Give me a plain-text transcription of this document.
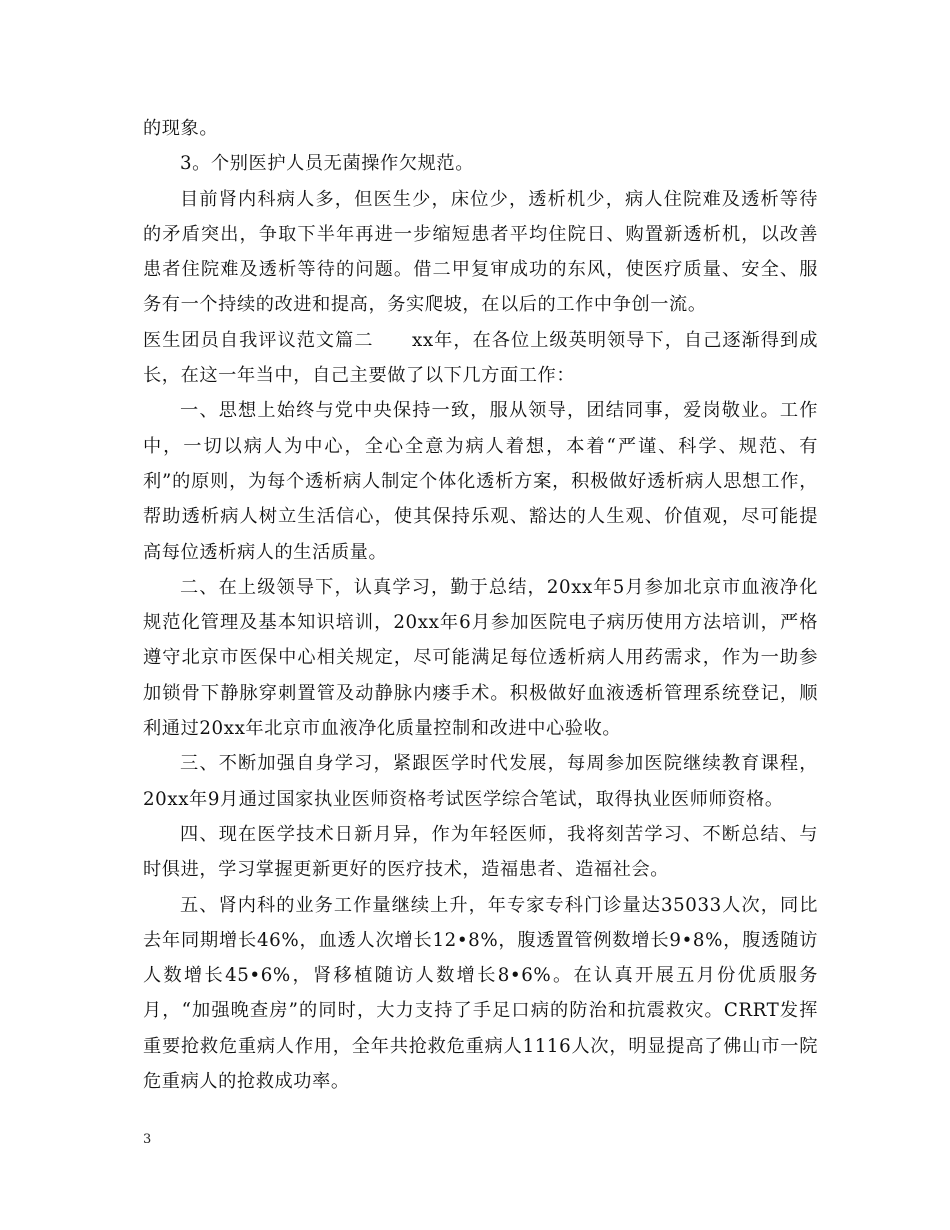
的现象。

3。个别医护人员无菌操作欠规范。

目前肾内科病人多，但医生少，床位少，透析机少，病人住院难及透析等待的矛盾突出，争取下半年再进一步缩短患者平均住院日、购置新透析机，以改善患者住院难及透析等待的问题。借二甲复审成功的东风，使医疗质量、安全、服务有一个持续的改进和提高，务实爬坡，在以后的工作中争创一流。

医生团员自我评议范文篇二　　xx年，在各位上级英明领导下，自己逐渐得到成长，在这一年当中，自己主要做了以下几方面工作：

一、思想上始终与党中央保持一致，服从领导，团结同事，爱岗敬业。工作中，一切以病人为中心，全心全意为病人着想，本着“严谨、科学、规范、有利”的原则，为每个透析病人制定个体化透析方案，积极做好透析病人思想工作，帮助透析病人树立生活信心，使其保持乐观、豁达的人生观、价值观，尽可能提高每位透析病人的生活质量。

二、在上级领导下，认真学习，勤于总结，20xx年5月参加北京市血液净化规范化管理及基本知识培训，20xx年6月参加医院电子病历使用方法培训，严格遵守北京市医保中心相关规定，尽可能满足每位透析病人用药需求，作为一助参加锁骨下静脉穿刺置管及动静脉内瘘手术。积极做好血液透析管理系统登记，顺利通过20xx年北京市血液净化质量控制和改进中心验收。

三、不断加强自身学习，紧跟医学时代发展，每周参加医院继续教育课程，20xx年9月通过国家执业医师资格考试医学综合笔试，取得执业医师师资格。

四、现在医学技术日新月异，作为年轻医师，我将刻苦学习、不断总结、与时俱进，学习掌握更新更好的医疗技术，造福患者、造福社会。

五、肾内科的业务工作量继续上升，年专家专科门诊量达35033人次，同比去年同期增长46%，血透人次增长12•8%，腹透置管例数增长9•8%，腹透随访人数增长45•6%，肾移植随访人数增长8•6%。在认真开展五月份优质服务月，“加强晚查房”的同时，大力支持了手足口病的防治和抗震救灾。CRRT发挥重要抢救危重病人作用，全年共抢救危重病人1116人次，明显提高了佛山市一院危重病人的抢救成功率。

3
